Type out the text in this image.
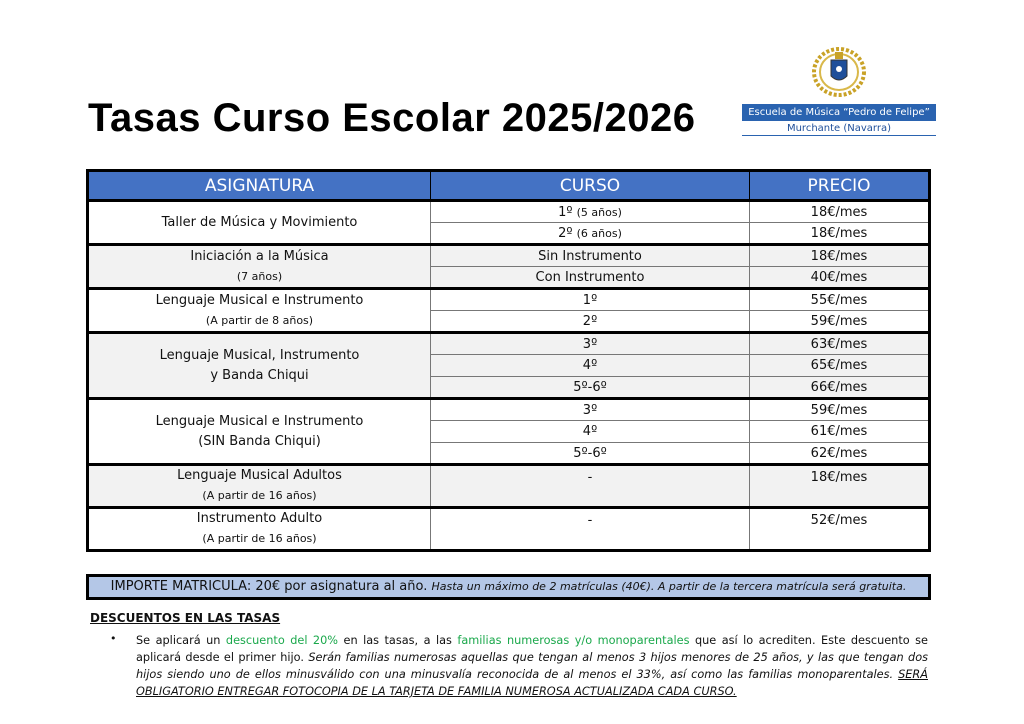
Tasas Curso Escolar 2025/2026	Escuela de Música “Pedro de Felipe”
Murchante (Navarra)
ASIGNATURA	CURSO	PRECIO
Taller de Música y Movimiento	1º (5 años)	18€/mes
	2º (6 años)	18€/mes
Iniciación a la Música
(7 años)	Sin Instrumento	18€/mes
	Con Instrumento	40€/mes
Lenguaje Musical e Instrumento
(A partir de 8 años)	1º	55€/mes
	2º	59€/mes
Lenguaje Musical, Instrumento
y Banda Chiqui	3º	63€/mes
	4º	65€/mes
	5º-6º	66€/mes
Lenguaje Musical e Instrumento
(SIN Banda Chiqui)	3º	59€/mes
	4º	61€/mes
	5º-6º	62€/mes
Lenguaje Musical Adultos
(A partir de 16 años)	-	18€/mes
Instrumento Adulto
(A partir de 16 años)	-	52€/mes
IMPORTE MATRICULA: 20€ por asignatura al año. Hasta un máximo de 2 matrículas (40€). A partir de la tercera matrícula será gratuita.
DESCUENTOS EN LAS TASAS
• Se aplicará un descuento del 20% en las tasas, a las familias numerosas y/o monoparentales que así lo acrediten. Este descuento se aplicará desde el primer hijo. Serán familias numerosas aquellas que tengan al menos 3 hijos menores de 25 años, y las que tengan dos hijos siendo uno de ellos minusválido con una minusvalía reconocida de al menos el 33%, así como las familias monoparentales. SERÁ OBLIGATORIO ENTREGAR FOTOCOPIA DE LA TARJETA DE FAMILIA NUMEROSA ACTUALIZADA CADA CURSO.
